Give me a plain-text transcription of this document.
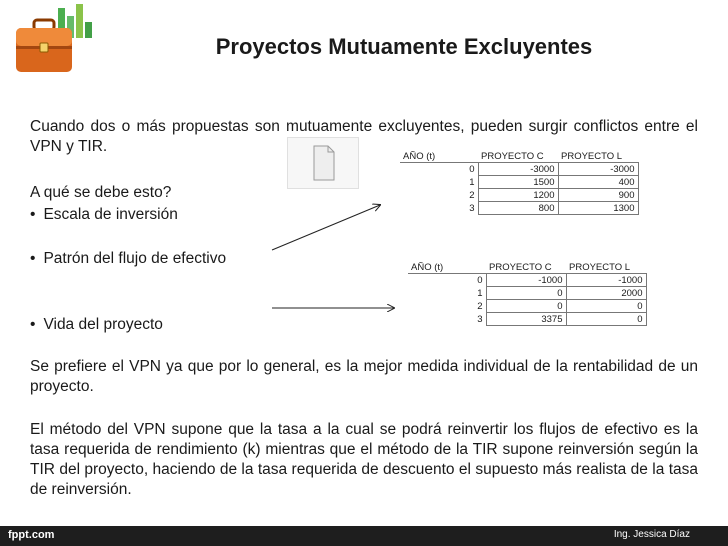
Proyectos Mutuamente Excluyentes
Cuando dos o más propuestas son mutuamente excluyentes, pueden surgir conflictos entre el VPN y TIR.
A qué se debe esto?
• Escala de inversión
• Patrón del flujo de efectivo
• Vida del proyecto
AÑO (t)	PROYECTO C	PROYECTO L
0	-3000	-3000
1	1500	400
2	1200	900
3	800	1300
AÑO (t)	PROYECTO C	PROYECTO L
0	-1000	-1000
1	0	2000
2	0	0
3	3375	0
Se prefiere el VPN ya que por lo general, es la mejor medida individual de la rentabilidad de un proyecto.
El método del VPN supone que la tasa a la cual se podrá reinvertir los flujos de efectivo es la tasa requerida de rendimiento (k) mientras que el método de la TIR supone reinversión según la TIR del proyecto, haciendo de la tasa requerida de descuento el supuesto más realista de la tasa de reinversión.
fppt.com	Ing. Jessica Díaz
